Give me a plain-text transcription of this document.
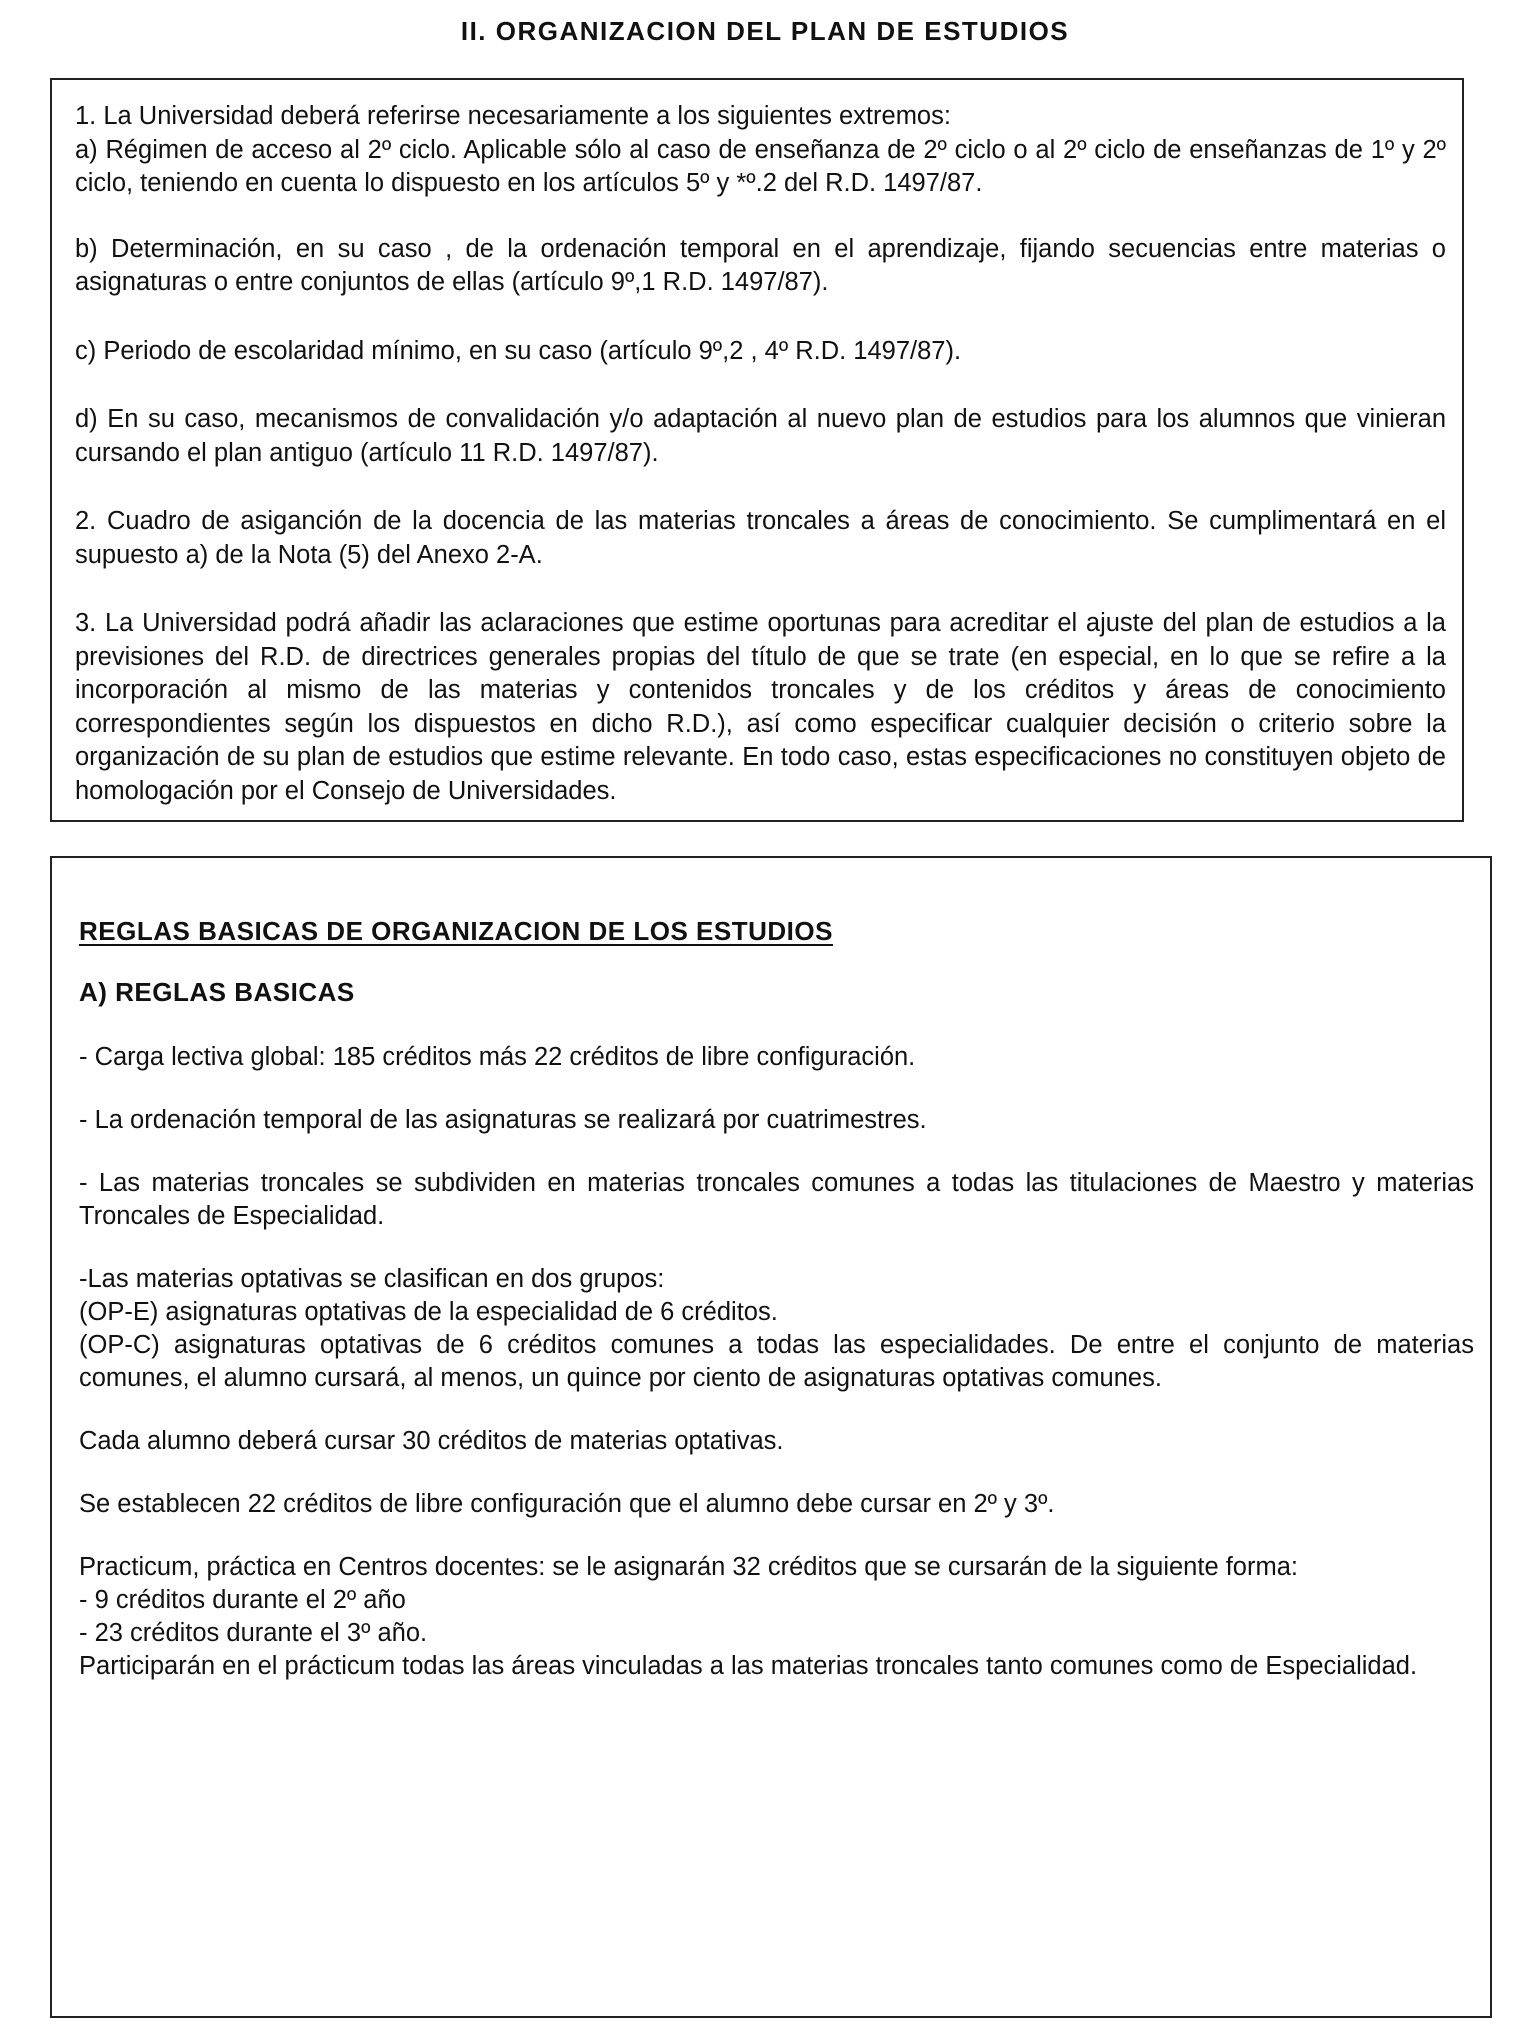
II. ORGANIZACION DEL PLAN DE ESTUDIOS
1. La Universidad deberá referirse necesariamente a los siguientes extremos:
a) Régimen de acceso al 2º ciclo. Aplicable sólo al caso de enseñanza de 2º ciclo o al 2º ciclo de enseñanzas de 1º y 2º ciclo, teniendo en cuenta lo dispuesto en los artículos 5º y *º.2 del R.D. 1497/87.
b) Determinación, en su caso , de la ordenación temporal en el aprendizaje, fijando secuencias entre materias o asignaturas o entre conjuntos de ellas (artículo 9º,1 R.D. 1497/87).
c) Periodo de escolaridad mínimo, en su caso (artículo 9º,2 , 4º R.D. 1497/87).
d) En su caso, mecanismos de convalidación y/o adaptación al nuevo plan de estudios para los alumnos que vinieran cursando el plan antiguo (artículo 11 R.D. 1497/87).
2. Cuadro de asiganción de la docencia de las materias troncales a áreas de conocimiento. Se cumplimentará en el supuesto a) de la Nota (5) del Anexo 2-A.
3. La Universidad podrá añadir las aclaraciones que estime oportunas para acreditar el ajuste del plan de estudios a la previsiones del R.D. de directrices generales propias del título de que se trate (en especial, en lo que se refire a la incorporación al mismo de las materias y contenidos troncales y de los créditos y áreas de conocimiento correspondientes según los dispuestos en dicho R.D.), así como especificar cualquier decisión o criterio sobre la organización de su plan de estudios que estime relevante. En todo caso, estas especificaciones no constituyen objeto de homologación por el Consejo de Universidades.
REGLAS BASICAS DE ORGANIZACION DE LOS ESTUDIOS
A) REGLAS BASICAS
- Carga lectiva global: 185 créditos más 22 créditos de libre configuración.
- La ordenación temporal de las asignaturas se realizará por cuatrimestres.
- Las materias troncales se subdividen en materias troncales comunes a todas las titulaciones de Maestro y materias Troncales de Especialidad.
-Las materias optativas se clasifican en dos grupos:
(OP-E) asignaturas optativas de la especialidad de 6 créditos.
(OP-C) asignaturas optativas de 6 créditos comunes a todas las especialidades. De entre el conjunto de materias comunes, el alumno cursará, al menos, un quince por ciento de asignaturas optativas comunes.
Cada alumno deberá cursar 30 créditos de materias optativas.
Se establecen 22 créditos de libre configuración que el alumno debe cursar en 2º y 3º.
Practicum, práctica en Centros docentes: se le asignarán 32 créditos que se cursarán de la siguiente forma:
- 9 créditos durante el 2º año
- 23 créditos durante el 3º año.
Participarán en el prácticum todas las áreas vinculadas a las materias troncales tanto comunes como de Especialidad.
